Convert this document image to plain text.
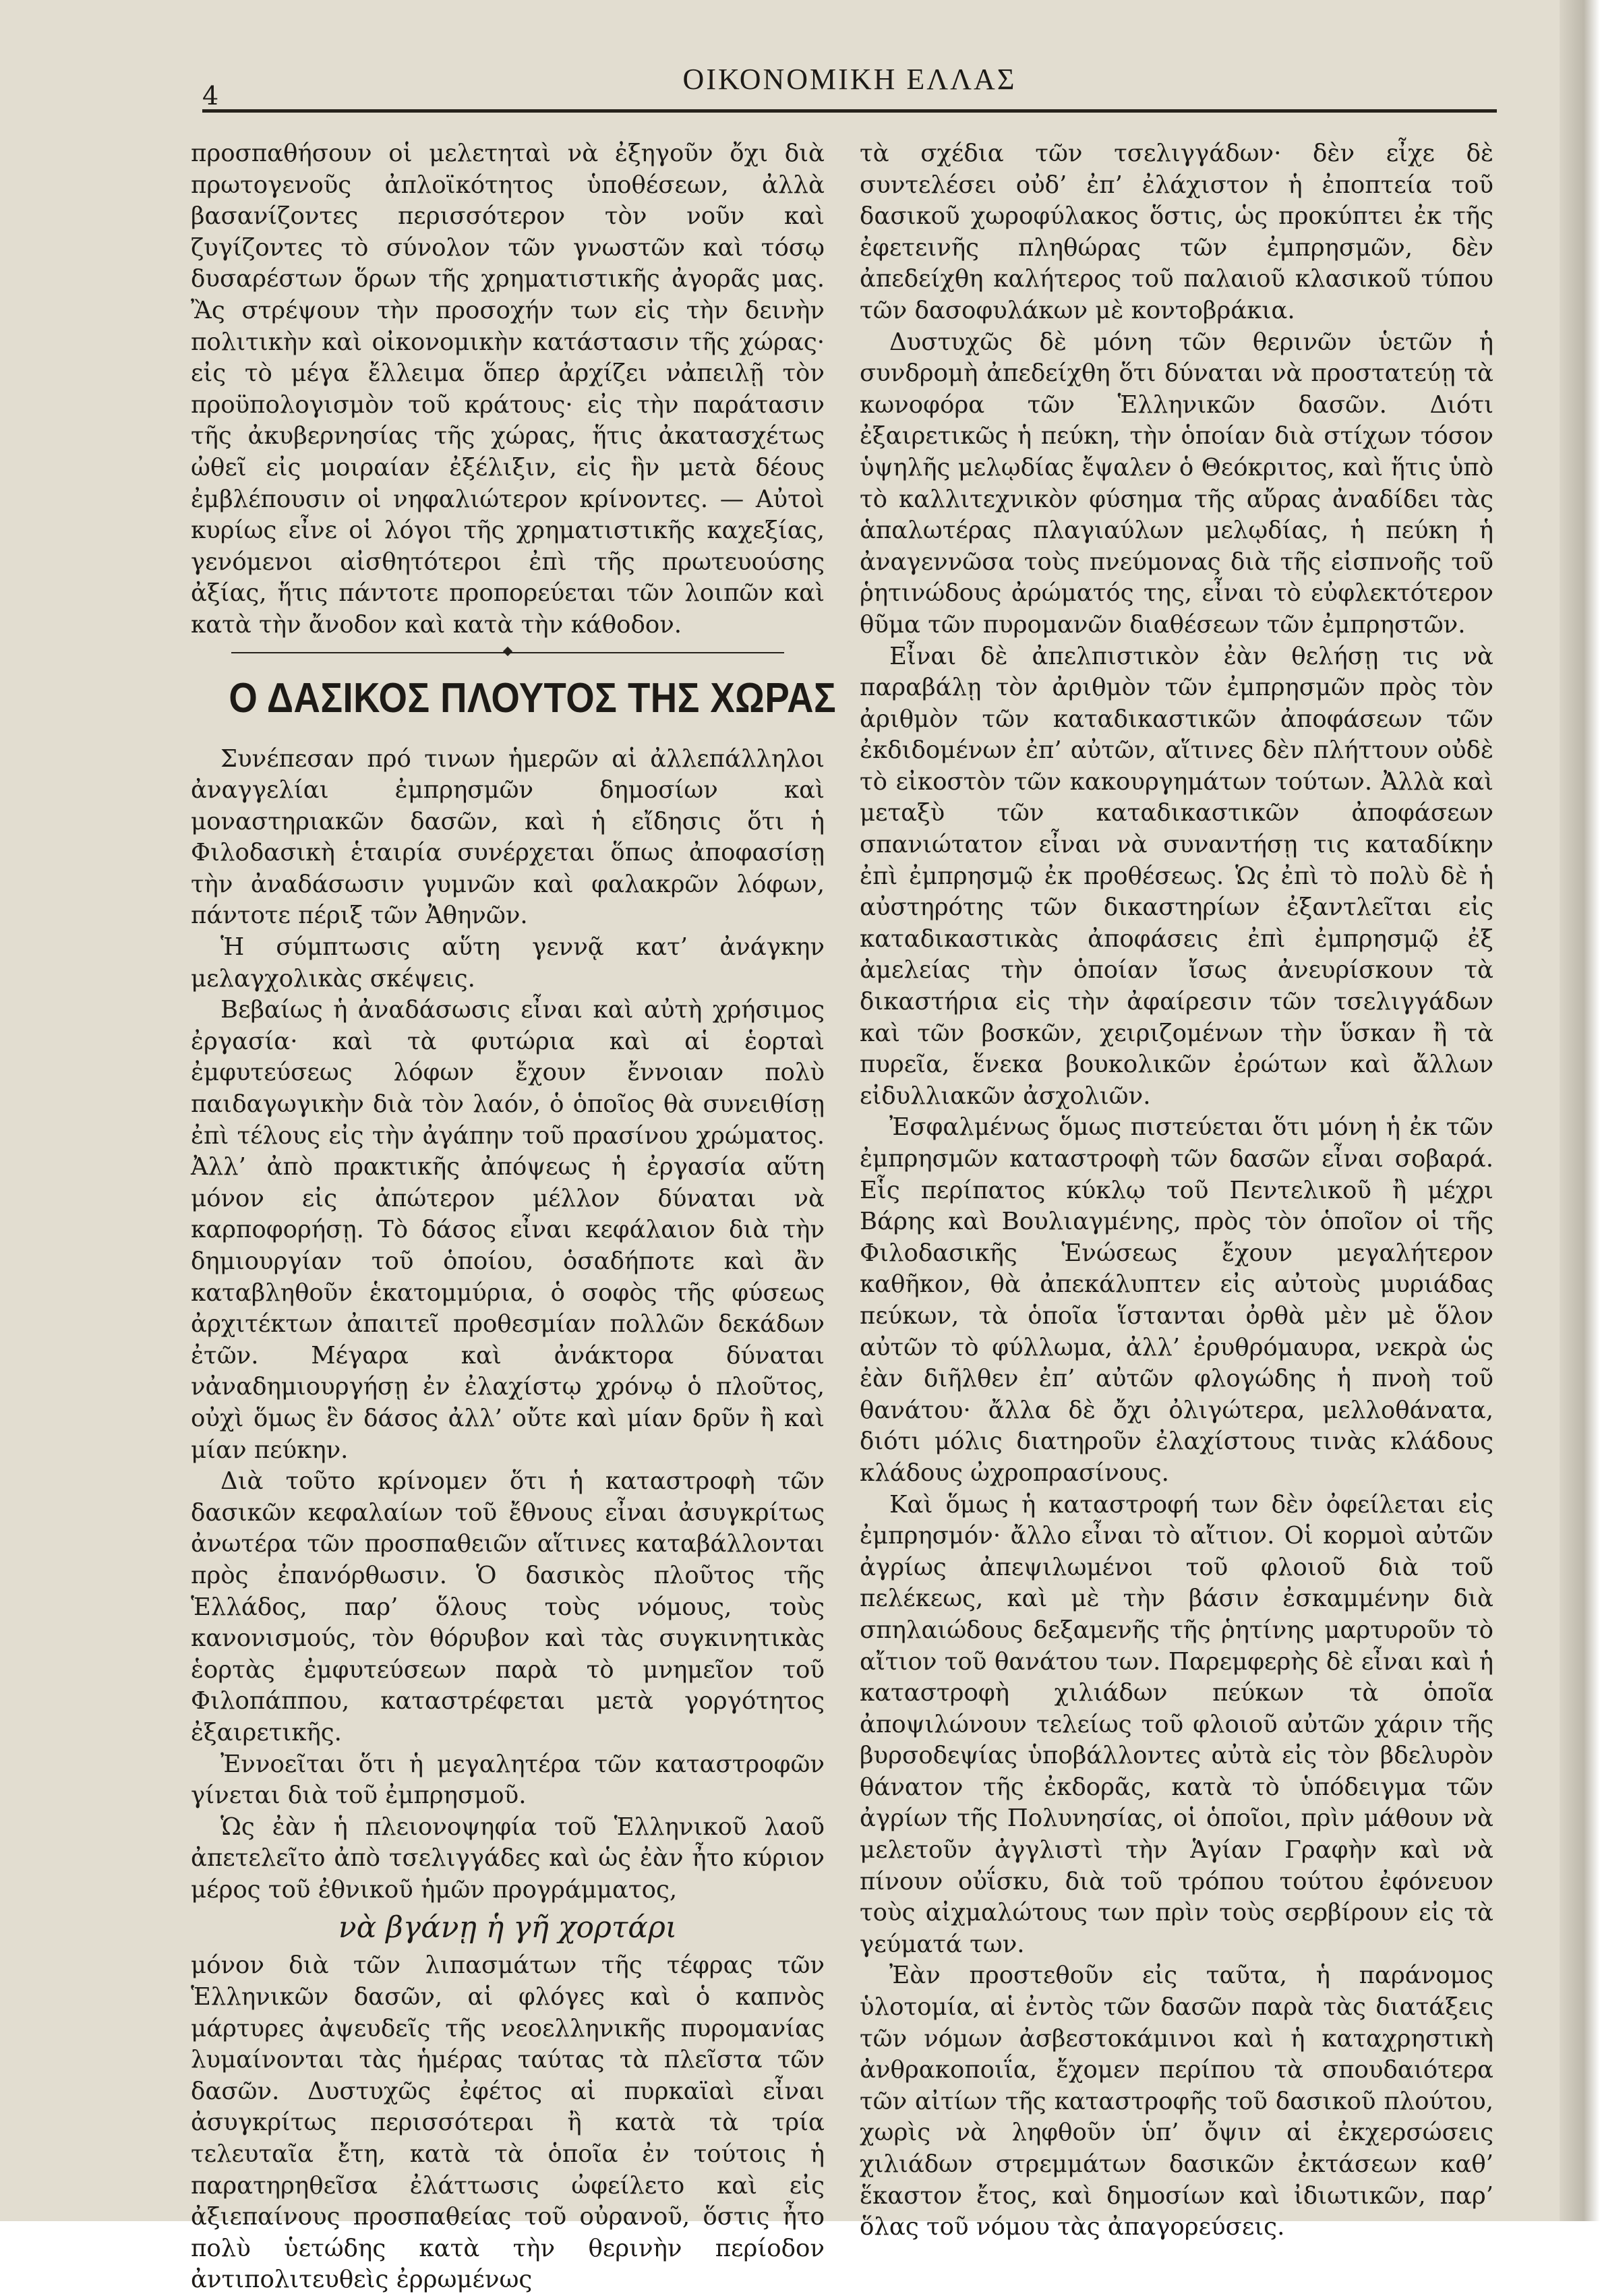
4	ΟΙΚΟΝΟΜΙΚΗ ΕΛΛΑΣ

προσπαθήσουν οἱ μελετηταὶ νὰ ἐξηγοῦν ὄχι διὰ πρωτογενοῦς ἀπλοϊκότητος ὑποθέσεων, ἀλλὰ βασανίζοντες περισσότερον τὸν νοῦν καὶ ζυγίζοντες τὸ σύνολον τῶν γνωστῶν καὶ τόσῳ δυσαρέστων ὅρων τῆς χρηματιστικῆς ἀγορᾶς μας. Ἂς στρέψουν τὴν προσοχήν των εἰς τὴν δεινὴν πολιτικὴν καὶ οἰκονομικὴν κατάστασιν τῆς χώρας· εἰς τὸ μέγα ἔλλειμα ὅπερ ἀρχίζει νἀπειλῇ τὸν προϋπολογισμὸν τοῦ κράτους· εἰς τὴν παράτασιν τῆς ἀκυβερνησίας τῆς χώρας, ἥτις ἀκατασχέτως ὠθεῖ εἰς μοιραίαν ἐξέλιξιν, εἰς ἣν μετὰ δέους ἐμβλέπουσιν οἱ νηφαλιώτερον κρίνοντες. — Αὐτοὶ κυρίως εἶνε οἱ λόγοι τῆς χρηματιστικῆς καχεξίας, γενόμενοι αἰσθητότεροι ἐπὶ τῆς πρωτευούσης ἀξίας, ἥτις πάντοτε προπορεύεται τῶν λοιπῶν καὶ κατὰ τὴν ἄνοδον καὶ κατὰ τὴν κάθοδον.

Ο ΔΑΣΙΚΟΣ ΠΛΟΥΤΟΣ ΤΗΣ ΧΩΡΑΣ

Συνέπεσαν πρό τινων ἡμερῶν αἱ ἀλλεπάλληλοι ἀναγγελίαι ἐμπρησμῶν δημοσίων καὶ μοναστηριακῶν δασῶν, καὶ ἡ εἴδησις ὅτι ἡ Φιλοδασικὴ ἑταιρία συνέρχεται ὅπως ἀποφασίσῃ τὴν ἀναδάσωσιν γυμνῶν καὶ φαλακρῶν λόφων, πάντοτε πέριξ τῶν Ἀθηνῶν.

Ἡ σύμπτωσις αὕτη γεννᾷ κατ’ ἀνάγκην μελαγχολικὰς σκέψεις.

Βεβαίως ἡ ἀναδάσωσις εἶναι καὶ αὐτὴ χρήσιμος ἐργασία· καὶ τὰ φυτώρια καὶ αἱ ἑορταὶ ἐμφυτεύσεως λόφων ἔχουν ἔννοιαν πολὺ παιδαγωγικὴν διὰ τὸν λαόν, ὁ ὁποῖος θὰ συνειθίσῃ ἐπὶ τέλους εἰς τὴν ἀγάπην τοῦ πρασίνου χρώματος. Ἀλλ’ ἀπὸ πρακτικῆς ἀπόψεως ἡ ἐργασία αὕτη μόνον εἰς ἀπώτερον μέλλον δύναται νὰ καρποφορήσῃ. Τὸ δάσος εἶναι κεφάλαιον διὰ τὴν δημιουργίαν τοῦ ὁποίου, ὁσαδήποτε καὶ ἂν καταβληθοῦν ἑκατομμύρια, ὁ σοφὸς τῆς φύσεως ἀρχιτέκτων ἀπαιτεῖ προθεσμίαν πολλῶν δεκάδων ἐτῶν. Μέγαρα καὶ ἀνάκτορα δύναται νἀναδημιουργήσῃ ἐν ἐλαχίστῳ χρόνῳ ὁ πλοῦτος, οὐχὶ ὅμως ἓν δάσος ἀλλ’ οὔτε καὶ μίαν δρῦν ἢ καὶ μίαν πεύκην.

Διὰ τοῦτο κρίνομεν ὅτι ἡ καταστροφὴ τῶν δασικῶν κεφαλαίων τοῦ ἔθνους εἶναι ἀσυγκρίτως ἀνωτέρα τῶν προσπαθειῶν αἵτινες καταβάλλονται πρὸς ἐπανόρθωσιν. Ὁ δασικὸς πλοῦτος τῆς Ἑλλάδος, παρ’ ὅλους τοὺς νόμους, τοὺς κανονισμούς, τὸν θόρυβον καὶ τὰς συγκινητικὰς ἑορτὰς ἐμφυτεύσεων παρὰ τὸ μνημεῖον τοῦ Φιλοπάππου, καταστρέφεται μετὰ γοργότητος ἐξαιρετικῆς.

Ἐννοεῖται ὅτι ἡ μεγαλητέρα τῶν καταστροφῶν γίνεται διὰ τοῦ ἐμπρησμοῦ.

Ὡς ἐὰν ἡ πλειονοψηφία τοῦ Ἑλληνικοῦ λαοῦ ἀπετελεῖτο ἀπὸ τσελιγγάδες καὶ ὡς ἐὰν ἦτο κύριον μέρος τοῦ ἐθνικοῦ ἡμῶν προγράμματος,

νὰ βγάνῃ ἡ γῆ χορτάρι

μόνον διὰ τῶν λιπασμάτων τῆς τέφρας τῶν Ἑλληνικῶν δασῶν, αἱ φλόγες καὶ ὁ καπνὸς μάρτυρες ἀψευδεῖς τῆς νεοελληνικῆς πυρομανίας λυμαίνονται τὰς ἡμέρας ταύτας τὰ πλεῖστα τῶν δασῶν. Δυστυχῶς ἐφέτος αἱ πυρκαϊαὶ εἶναι ἀσυγκρίτως περισσότεραι ἢ κατὰ τὰ τρία τελευταῖα ἔτη, κατὰ τὰ ὁποῖα ἐν τούτοις ἡ παρατηρηθεῖσα ἐλάττωσις ὠφείλετο καὶ εἰς ἀξιεπαίνους προσπαθείας τοῦ οὐρανοῦ, ὅστις ἦτο πολὺ ὑετώδης κατὰ τὴν θερινὴν περίοδον ἀντιπολιτευθεὶς ἐρρωμένως

τὰ σχέδια τῶν τσελιγγάδων· δὲν εἶχε δὲ συντελέσει οὐδ’ ἐπ’ ἐλάχιστον ἡ ἐποπτεία τοῦ δασικοῦ χωροφύλακος ὅστις, ὡς προκύπτει ἐκ τῆς ἐφετεινῆς πληθώρας τῶν ἐμπρησμῶν, δὲν ἀπεδείχθη καλήτερος τοῦ παλαιοῦ κλασικοῦ τύπου τῶν δασοφυλάκων μὲ κοντοβράκια.

Δυστυχῶς δὲ μόνη τῶν θερινῶν ὑετῶν ἡ συνδρομὴ ἀπεδείχθη ὅτι δύναται νὰ προστατεύῃ τὰ κωνοφόρα τῶν Ἑλληνικῶν δασῶν. Διότι ἐξαιρετικῶς ἡ πεύκη, τὴν ὁποίαν διὰ στίχων τόσον ὑψηλῆς μελῳδίας ἔψαλεν ὁ Θεόκριτος, καὶ ἥτις ὑπὸ τὸ καλλιτεχνικὸν φύσημα τῆς αὔρας ἀναδίδει τὰς ἁπαλωτέρας πλαγιαύλων μελῳδίας, ἡ πεύκη ἡ ἀναγεννῶσα τοὺς πνεύμονας διὰ τῆς εἰσπνοῆς τοῦ ῥητινώδους ἀρώματός της, εἶναι τὸ εὐφλεκτότερον θῦμα τῶν πυρομανῶν διαθέσεων τῶν ἐμπρηστῶν.

Εἶναι δὲ ἀπελπιστικὸν ἐὰν θελήσῃ τις νὰ παραβάλῃ τὸν ἀριθμὸν τῶν ἐμπρησμῶν πρὸς τὸν ἀριθμὸν τῶν καταδικαστικῶν ἀποφάσεων τῶν ἐκδιδομένων ἐπ’ αὐτῶν, αἵτινες δὲν πλήττουν οὐδὲ τὸ εἰκοστὸν τῶν κακουργημάτων τούτων. Ἀλλὰ καὶ μεταξὺ τῶν καταδικαστικῶν ἀποφάσεων σπανιώτατον εἶναι νὰ συναντήσῃ τις καταδίκην ἐπὶ ἐμπρησμῷ ἐκ προθέσεως. Ὡς ἐπὶ τὸ πολὺ δὲ ἡ αὐστηρότης τῶν δικαστηρίων ἐξαντλεῖται εἰς καταδικαστικὰς ἀποφάσεις ἐπὶ ἐμπρησμῷ ἐξ ἀμελείας τὴν ὁποίαν ἴσως ἀνευρίσκουν τὰ δικαστήρια εἰς τὴν ἀφαίρεσιν τῶν τσελιγγάδων καὶ τῶν βοσκῶν, χειριζομένων τὴν ὕσκαν ἢ τὰ πυρεῖα, ἕνεκα βουκολικῶν ἐρώτων καὶ ἄλλων εἰδυλλιακῶν ἀσχολιῶν.

Ἐσφαλμένως ὅμως πιστεύεται ὅτι μόνη ἡ ἐκ τῶν ἐμπρησμῶν καταστροφὴ τῶν δασῶν εἶναι σοβαρά. Εἷς περίπατος κύκλῳ τοῦ Πεντελικοῦ ἢ μέχρι Βάρης καὶ Βουλιαγμένης, πρὸς τὸν ὁποῖον οἱ τῆς Φιλοδασικῆς Ἑνώσεως ἔχουν μεγαλήτερον καθῆκον, θὰ ἀπεκάλυπτεν εἰς αὐτοὺς μυριάδας πεύκων, τὰ ὁποῖα ἵστανται ὀρθὰ μὲν μὲ ὅλον αὐτῶν τὸ φύλλωμα, ἀλλ’ ἐρυθρόμαυρα, νεκρὰ ὡς ἐὰν διῆλθεν ἐπ’ αὐτῶν φλογώδης ἡ πνοὴ τοῦ θανάτου· ἄλλα δὲ ὄχι ὀλιγώτερα, μελλοθάνατα, διότι μόλις διατηροῦν ἐλαχίστους τινὰς κλάδους κλάδους ὠχροπρασίνους.

Καὶ ὅμως ἡ καταστροφή των δὲν ὀφείλεται εἰς ἐμπρησμόν· ἄλλο εἶναι τὸ αἴτιον. Οἱ κορμοὶ αὐτῶν ἀγρίως ἀπεψιλωμένοι τοῦ φλοιοῦ διὰ τοῦ πελέκεως, καὶ μὲ τὴν βάσιν ἐσκαμμένην διὰ σπηλαιώδους δεξαμενῆς τῆς ῥητίνης μαρτυροῦν τὸ αἴτιον τοῦ θανάτου των. Παρεμφερὴς δὲ εἶναι καὶ ἡ καταστροφὴ χιλιάδων πεύκων τὰ ὁποῖα ἀποψιλώνουν τελείως τοῦ φλοιοῦ αὐτῶν χάριν τῆς βυρσοδεψίας ὑποβάλλοντες αὐτὰ εἰς τὸν βδελυρὸν θάνατον τῆς ἐκδορᾶς, κατὰ τὸ ὑπόδειγμα τῶν ἀγρίων τῆς Πολυνησίας, οἱ ὁποῖοι, πρὶν μάθουν νὰ μελετοῦν ἀγγλιστὶ τὴν Ἁγίαν Γραφὴν καὶ νὰ πίνουν οὐΐσκυ, διὰ τοῦ τρόπου τούτου ἐφόνευον τοὺς αἰχμαλώτους των πρὶν τοὺς σερβίρουν εἰς τὰ γεύματά των.

Ἐὰν προστεθοῦν εἰς ταῦτα, ἡ παράνομος ὑλοτομία, αἱ ἐντὸς τῶν δασῶν παρὰ τὰς διατάξεις τῶν νόμων ἀσβεστοκάμινοι καὶ ἡ καταχρηστικὴ ἀνθρακοποιΐα, ἔχομεν περίπου τὰ σπουδαιότερα τῶν αἰτίων τῆς καταστροφῆς τοῦ δασικοῦ πλούτου, χωρὶς νὰ ληφθοῦν ὑπ’ ὄψιν αἱ ἐκχερσώσεις χιλιάδων στρεμμάτων δασικῶν ἐκτάσεων καθ’ ἕκαστον ἔτος, καὶ δημοσίων καὶ ἰδιωτικῶν, παρ’ ὅλας τοῦ νόμου τὰς ἀπαγορεύσεις.
